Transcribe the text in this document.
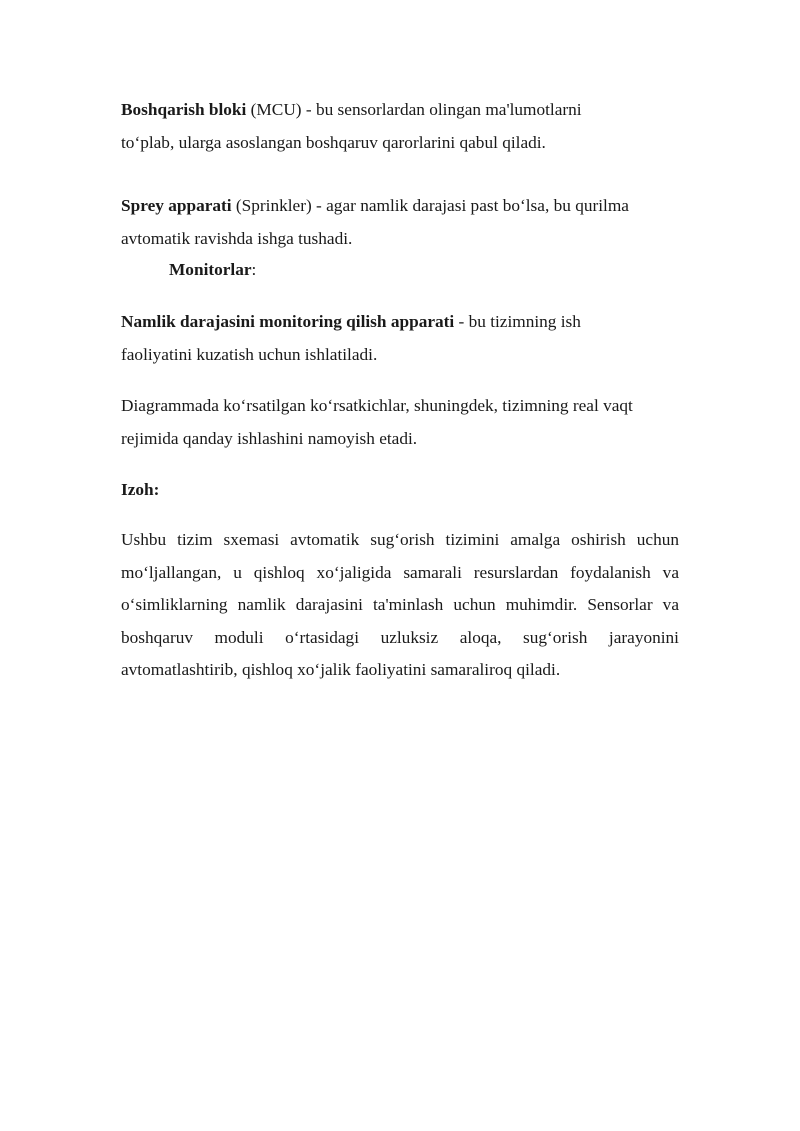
Boshqarish bloki (MCU) - bu sensorlardan olingan ma'lumotlarni
to‘plab, ularga asoslangan boshqaruv qarorlarini qabul qiladi.

Sprey apparati (Sprinkler) - agar namlik darajasi past bo‘lsa, bu qurilma
avtomatik ravishda ishga tushadi.

Monitorlar:

Namlik darajasini monitoring qilish apparati - bu tizimning ish
faoliyatini kuzatish uchun ishlatiladi.

Diagrammada ko‘rsatilgan ko‘rsatkichlar, shuningdek, tizimning real vaqt
rejimida qanday ishlashini namoyish etadi.

Izoh:

Ushbu tizim sxemasi avtomatik sug‘orish tizimini amalga oshirish uchun mo‘ljallangan, u qishloq xo‘jaligida samarali resurslardan foydalanish va o‘simliklarning namlik darajasini ta'minlash uchun muhimdir. Sensorlar va boshqaruv moduli o‘rtasidagi uzluksiz aloqa, sug‘orish jarayonini avtomatlashtirib, qishloq xo‘jalik faoliyatini samaraliroq qiladi.
